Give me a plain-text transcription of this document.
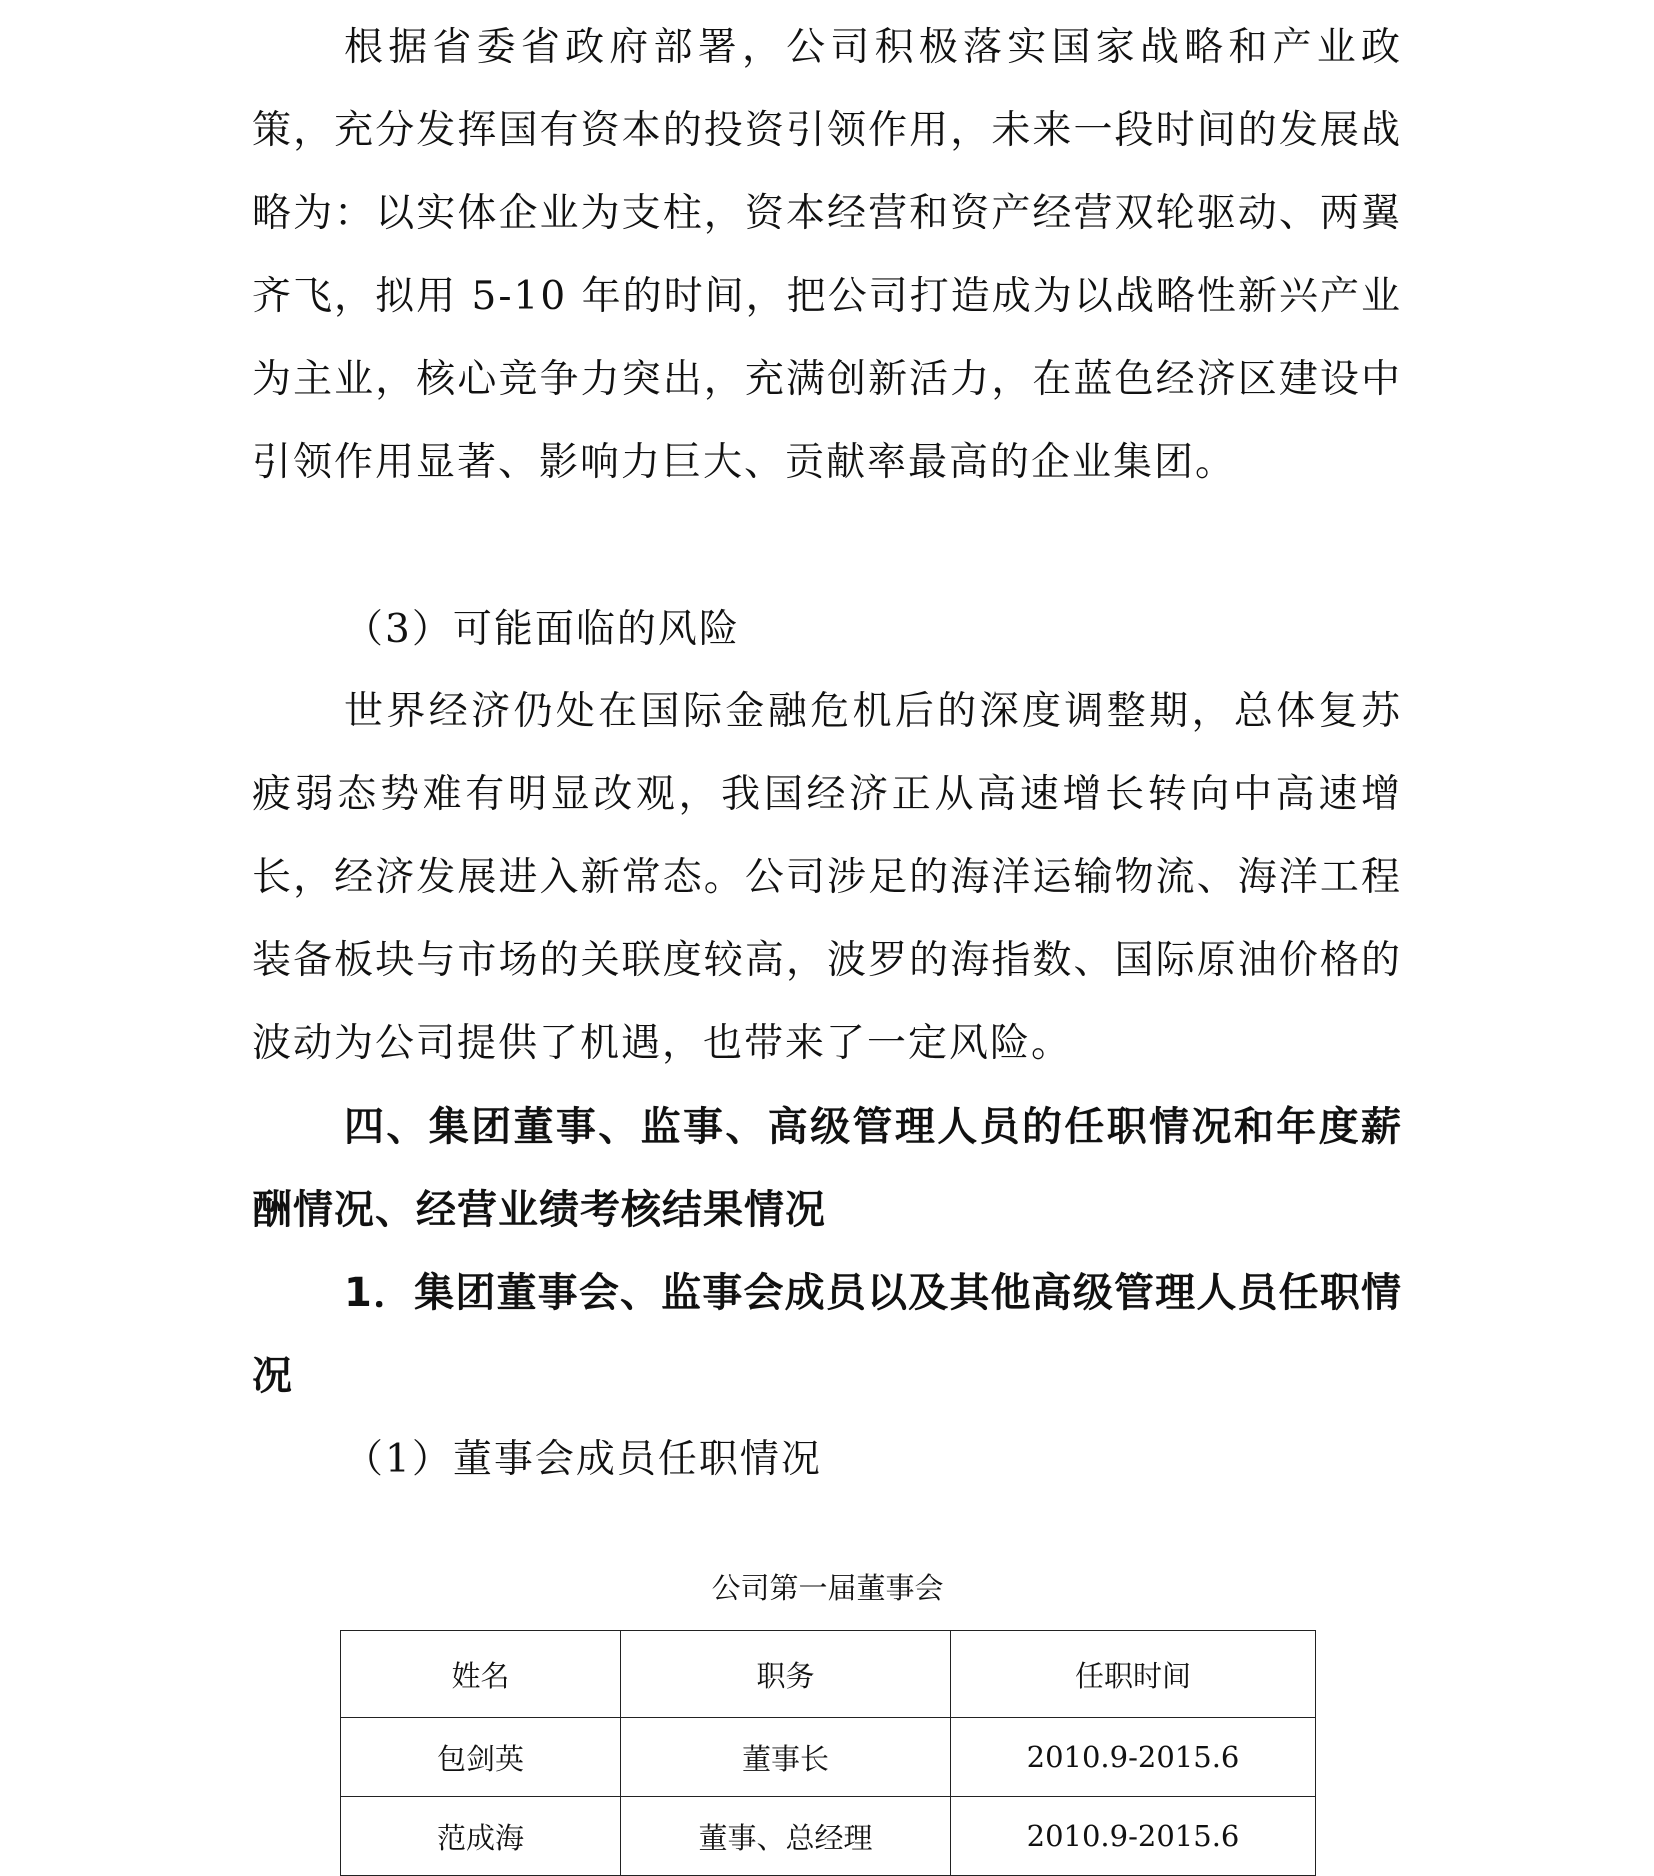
根据省委省政府部署，公司积极落实国家战略和产业政策，充分发挥国有资本的投资引领作用，未来一段时间的发展战略为：以实体企业为支柱，资本经营和资产经营双轮驱动、两翼齐飞，拟用 5-10 年的时间，把公司打造成为以战略性新兴产业为主业，核心竞争力突出，充满创新活力，在蓝色经济区建设中引领作用显著、影响力巨大、贡献率最高的企业集团。

（3）可能面临的风险

世界经济仍处在国际金融危机后的深度调整期，总体复苏疲弱态势难有明显改观，我国经济正从高速增长转向中高速增长，经济发展进入新常态。公司涉足的海洋运输物流、海洋工程装备板块与市场的关联度较高，波罗的海指数、国际原油价格的波动为公司提供了机遇，也带来了一定风险。

四、集团董事、监事、高级管理人员的任职情况和年度薪酬情况、经营业绩考核结果情况

1．集团董事会、监事会成员以及其他高级管理人员任职情况

（1）董事会成员任职情况

公司第一届董事会
姓名	职务	任职时间
包剑英	董事长	2010.9-2015.6
范成海	董事、总经理	2010.9-2015.6
